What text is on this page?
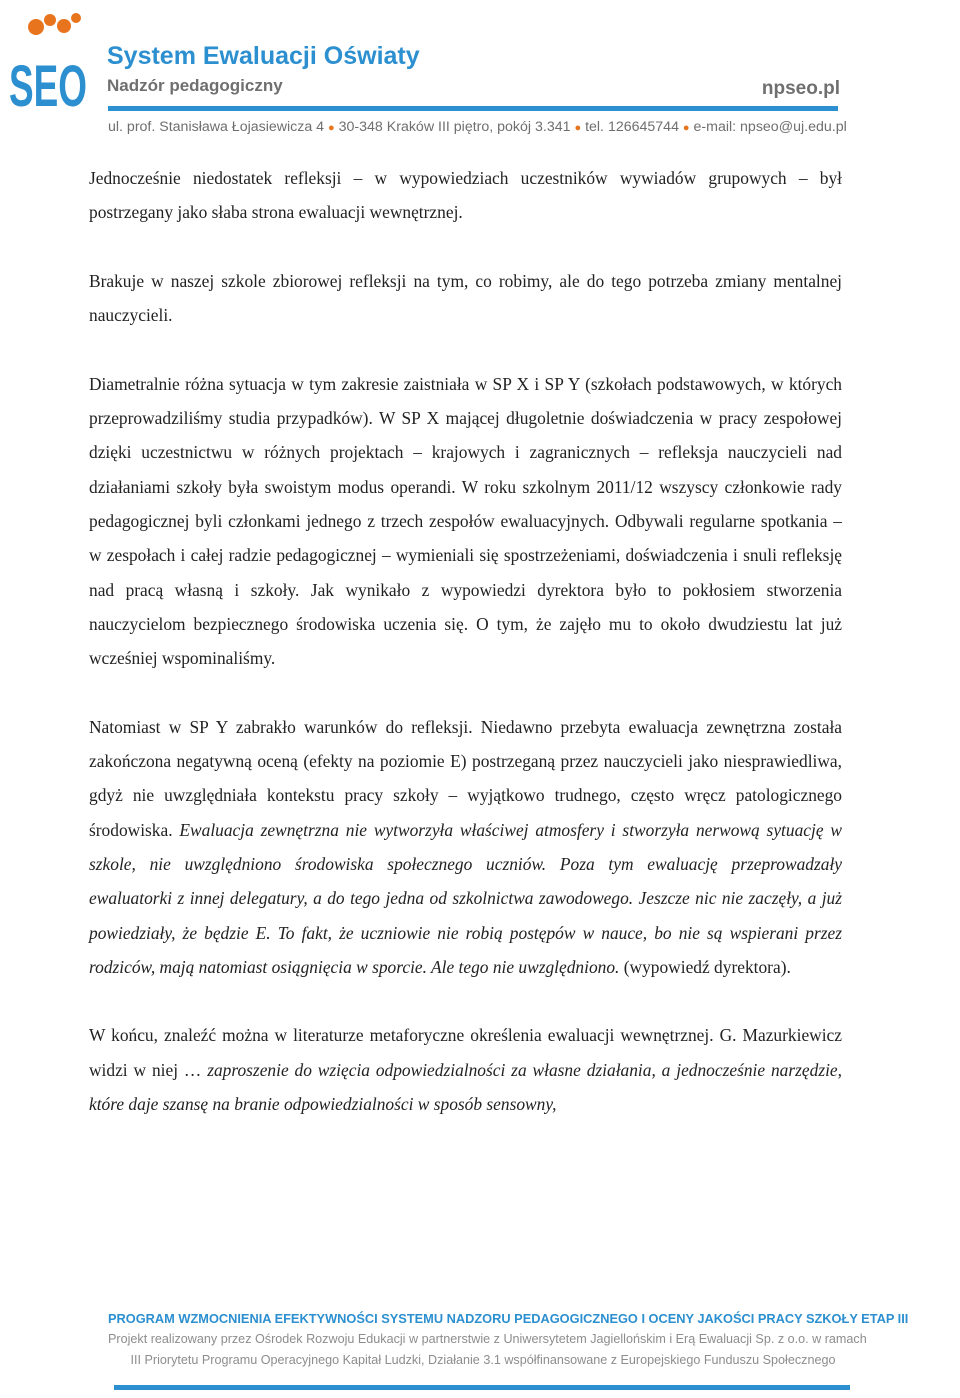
SEO System Ewaluacji Oświaty

Nadzór pedagogiczny	npseo.pl
ul. prof. Stanisława Łojasiewicza 4 ● 30-348 Kraków III piętro, pokój 3.341 ● tel. 126645744 ● e-mail: npseo@uj.edu.pl

Jednocześnie niedostatek refleksji – w wypowiedziach uczestników wywiadów grupowych – był postrzegany jako słaba strona ewaluacji wewnętrznej.

Brakuje w naszej szkole zbiorowej refleksji na tym, co robimy, ale do tego potrzeba zmiany mentalnej nauczycieli.

Diametralnie różna sytuacja w tym zakresie zaistniała w SP X i SP Y (szkołach podstawowych, w których przeprowadziliśmy studia przypadków). W SP X mającej długoletnie doświadczenia w pracy zespołowej dzięki uczestnictwu w różnych projektach – krajowych i zagranicznych – refleksja nauczycieli nad działaniami szkoły była swoistym modus operandi. W roku szkolnym 2011/12 wszyscy członkowie rady pedagogicznej byli członkami jednego z trzech zespołów ewaluacyjnych. Odbywali regularne spotkania – w zespołach i całej radzie pedagogicznej – wymieniali się spostrzeżeniami, doświadczenia i snuli refleksję nad pracą własną i szkoły. Jak wynikało z wypowiedzi dyrektora było to pokłosiem stworzenia nauczycielom bezpiecznego środowiska uczenia się. O tym, że zajęło mu to około dwudziestu lat już wcześniej wspominaliśmy.

Natomiast w SP Y zabrakło warunków do refleksji. Niedawno przebyta ewaluacja zewnętrzna została zakończona negatywną oceną (efekty na poziomie E) postrzeganą przez nauczycieli jako niesprawiedliwa, gdyż nie uwzględniała kontekstu pracy szkoły – wyjątkowo trudnego, często wręcz patologicznego środowiska. Ewaluacja zewnętrzna nie wytworzyła właściwej atmosfery i stworzyła nerwową sytuację w szkole, nie uwzględniono środowiska społecznego uczniów. Poza tym ewaluację przeprowadzały ewaluatorki z innej delegatury, a do tego jedna od szkolnictwa zawodowego. Jeszcze nic nie zaczęły, a już powiedziały, że będzie E. To fakt, że uczniowie nie robią postępów w nauce, bo nie są wspierani przez rodziców, mają natomiast osiągnięcia w sporcie. Ale tego nie uwzględniono. (wypowiedź dyrektora).

W końcu, znaleźć można w literaturze metaforyczne określenia ewaluacji wewnętrznej. G. Mazurkiewicz widzi w niej … zaproszenie do wzięcia odpowiedzialności za własne działania, a jednocześnie narzędzie, które daje szansę na branie odpowiedzialności w sposób sensowny,

PROGRAM WZMOCNIENIA EFEKTYWNOŚCI SYSTEMU NADZORU PEDAGOGICZNEGO I OCENY JAKOŚCI PRACY SZKOŁY ETAP III
Projekt realizowany przez Ośrodek Rozwoju Edukacji w partnerstwie z Uniwersytetem Jagiellońskim i Erą Ewaluacji Sp. z o.o. w ramach
III Priorytetu Programu Operacyjnego Kapitał Ludzki, Działanie 3.1 współfinansowane z Europejskiego Funduszu Społecznego
